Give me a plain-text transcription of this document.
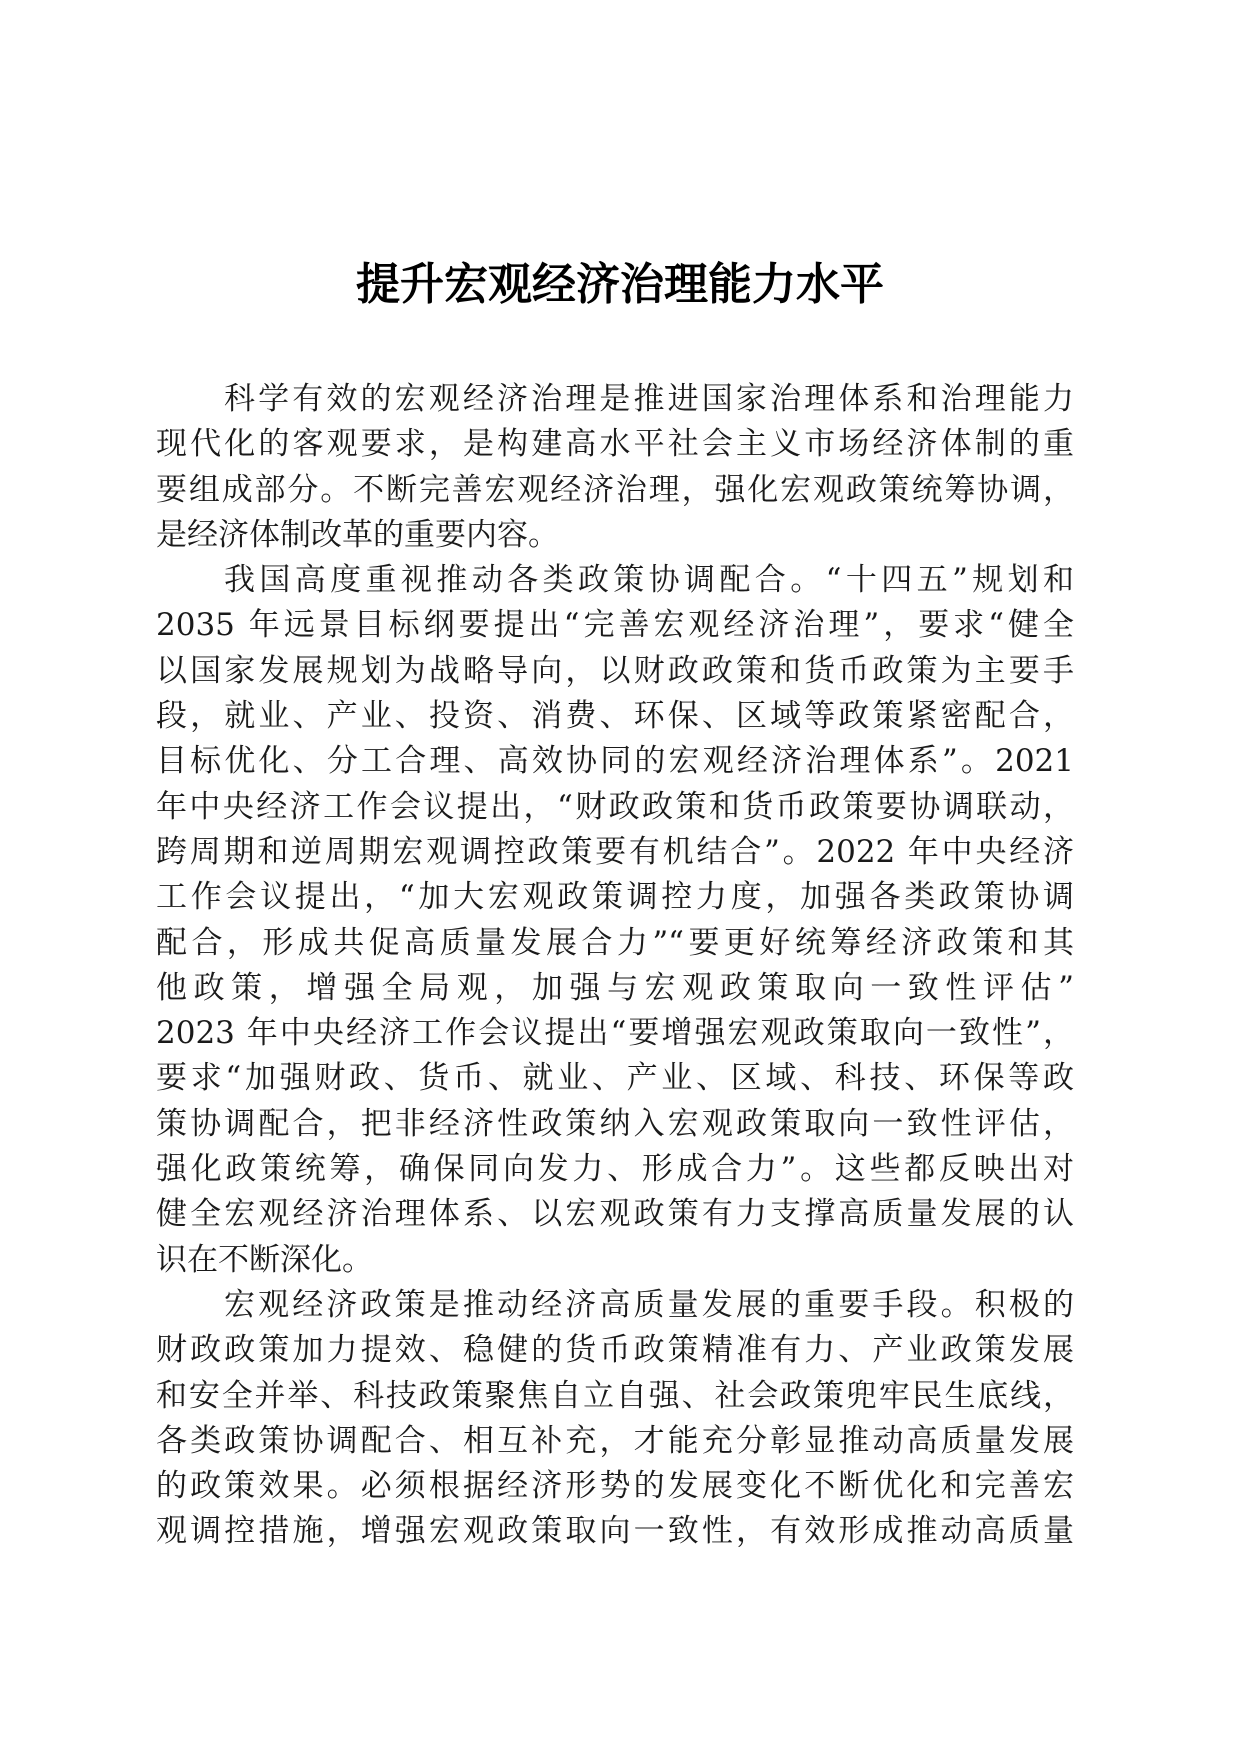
提升宏观经济治理能力水平
科学有效的宏观经济治理是推进国家治理体系和治理能力
现代化的客观要求，是构建高水平社会主义市场经济体制的重
要组成部分。不断完善宏观经济治理，强化宏观政策统筹协调，
是经济体制改革的重要内容。
我国高度重视推动各类政策协调配合。“十四五”规划和
2035 年远景目标纲要提出“完善宏观经济治理”，要求“健全
以国家发展规划为战略导向，以财政政策和货币政策为主要手
段，就业、产业、投资、消费、环保、区域等政策紧密配合，
目标优化、分工合理、高效协同的宏观经济治理体系”。2021
年中央经济工作会议提出，“财政政策和货币政策要协调联动，
跨周期和逆周期宏观调控政策要有机结合”。2022 年中央经济
工作会议提出，“加大宏观政策调控力度，加强各类政策协调
配合，形成共促高质量发展合力”“要更好统筹经济政策和其
他政策，增强全局观，加强与宏观政策取向一致性评估”
2023 年中央经济工作会议提出“要增强宏观政策取向一致性”，
要求“加强财政、货币、就业、产业、区域、科技、环保等政
策协调配合，把非经济性政策纳入宏观政策取向一致性评估，
强化政策统筹，确保同向发力、形成合力”。这些都反映出对
健全宏观经济治理体系、以宏观政策有力支撑高质量发展的认
识在不断深化。
宏观经济政策是推动经济高质量发展的重要手段。积极的
财政政策加力提效、稳健的货币政策精准有力、产业政策发展
和安全并举、科技政策聚焦自立自强、社会政策兜牢民生底线，
各类政策协调配合、相互补充，才能充分彰显推动高质量发展
的政策效果。必须根据经济形势的发展变化不断优化和完善宏
观调控措施，增强宏观政策取向一致性，有效形成推动高质量
